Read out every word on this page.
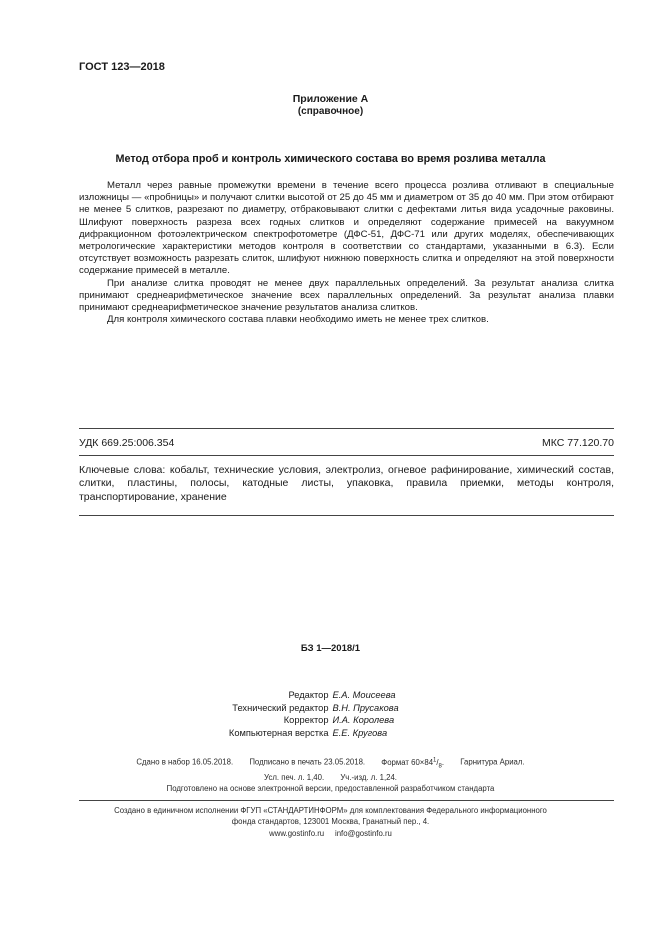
ГОСТ 123—2018
Приложение А
(справочное)
Метод отбора проб и контроль химического состава во время розлива металла

Металл через равные промежутки времени в течение всего процесса розлива отливают в специальные изложницы — «пробницы» и получают слитки высотой от 25 до 45 мм и диаметром от 35 до 40 мм. При этом отбирают не менее 5 слитков, разрезают по диаметру, отбраковывают слитки с дефектами литья вида усадочные раковины. Шлифуют поверхность разреза всех годных слитков и определяют содержание примесей на вакуумном дифракционном фотоэлектрическом спектрофотометре (ДФС-51, ДФС-71 или других моделях, обеспечивающих метрологические характеристики методов контроля в соответствии со стандартами, указанными в 6.3). Если отсутствует возможность разрезать слиток, шлифуют нижнюю поверхность слитка и определяют на этой поверхности содержание примесей в металле.

При анализе слитка проводят не менее двух параллельных определений. За результат анализа слитка принимают среднеарифметическое значение всех параллельных определений. За результат анализа плавки принимают среднеарифметическое значение результатов анализа слитков.

Для контроля химического состава плавки необходимо иметь не менее трех слитков.

УДК 669.25:006.354	МКС 77.120.70
Ключевые слова: кобальт, технические условия, электролиз, огневое рафинирование, химический состав, слитки, пластины, полосы, катодные листы, упаковка, правила приемки, методы контроля, транспортирование, хранение
БЗ 1—2018/1
Редактор Е.А. Моисеева
Технический редактор В.Н. Прусакова
Корректор И.А. Королева
Компьютерная верстка Е.Е. Кругова
Сдано в набор 16.05.2018. Подписано в печать 23.05.2018. Формат $60\times 84^1/_8$. Гарнитура Ариал.
Усл. печ. л. 1,40. Уч.-изд. л. 1,24.
Подготовлено на основе электронной версии, предоставленной разработчиком стандарта
Создано в единичном исполнении ФГУП «СТАНДАРТИНФОРМ» для комплектования Федерального информационного
фонда стандартов, 123001 Москва, Гранатный пер., 4.
www.gostinfo.ru info@gostinfo.ru
